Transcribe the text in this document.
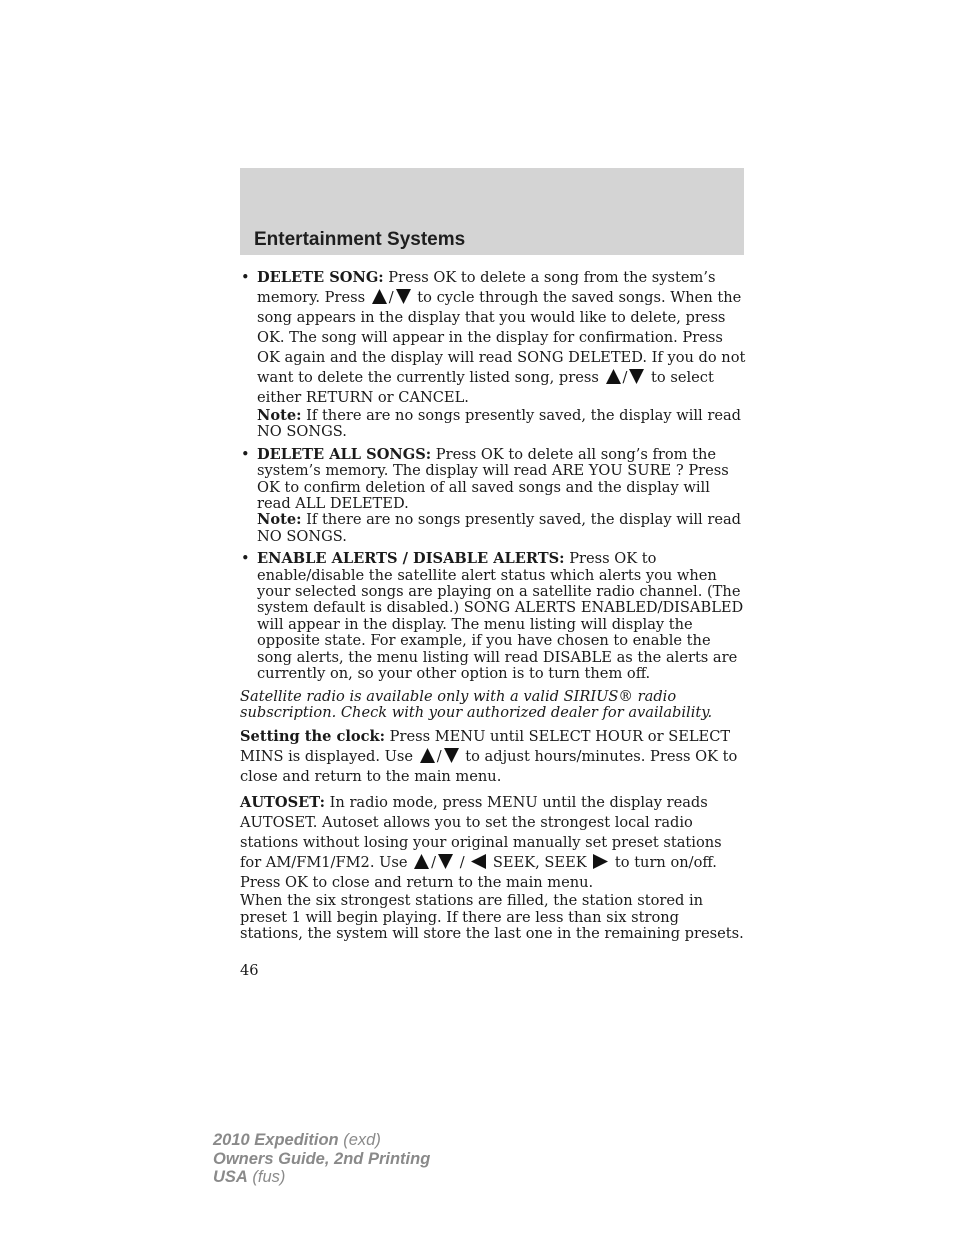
Entertainment Systems
• DELETE SONG: Press OK to delete a song from the system’s memory. Press / to cycle through the saved songs. When the song appears in the display that you would like to delete, press OK. The song will appear in the display for confirmation. Press OK again and the display will read SONG DELETED. If you do not want to delete the currently listed song, press / to select either RETURN or CANCEL.
Note: If there are no songs presently saved, the display will read NO SONGS.
• DELETE ALL SONGS: Press OK to delete all song’s from the system’s memory. The display will read ARE YOU SURE ? Press OK to confirm deletion of all saved songs and the display will read ALL DELETED.
Note: If there are no songs presently saved, the display will read NO SONGS.
• ENABLE ALERTS / DISABLE ALERTS: Press OK to enable/disable the satellite alert status which alerts you when your selected songs are playing on a satellite radio channel. (The system default is disabled.) SONG ALERTS ENABLED/DISABLED will appear in the display. The menu listing will display the opposite state. For example, if you have chosen to enable the song alerts, the menu listing will read DISABLE as the alerts are currently on, so your other option is to turn them off.

Satellite radio is available only with a valid SIRIUS® radio subscription. Check with your authorized dealer for availability.

Setting the clock: Press MENU until SELECT HOUR or SELECT MINS is displayed. Use / to adjust hours/minutes. Press OK to close and return to the main menu.

AUTOSET: In radio mode, press MENU until the display reads AUTOSET. Autoset allows you to set the strongest local radio stations without losing your original manually set preset stations for AM/FM1/FM2. Use / /  SEEK, SEEK  to turn on/off. Press OK to close and return to the main menu.
When the six strongest stations are filled, the station stored in preset 1 will begin playing. If there are less than six strong stations, the system will store the last one in the remaining presets.

46
2010 Expedition (exd)
Owners Guide, 2nd Printing
USA (fus)
